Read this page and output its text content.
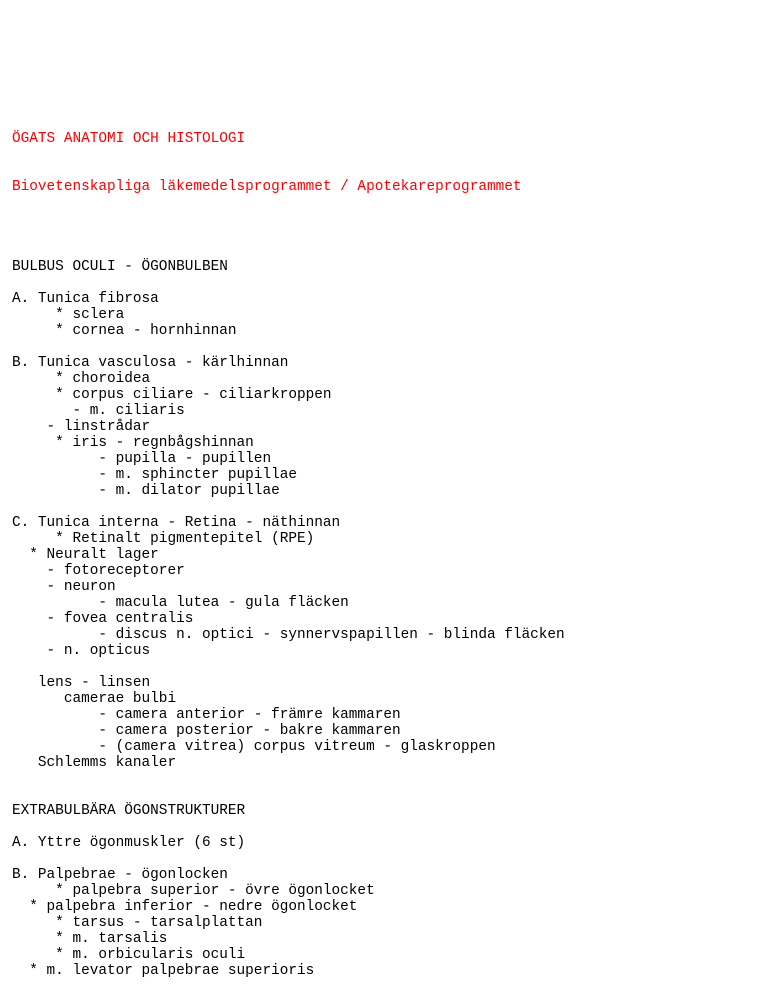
ÖGATS ANATOMI OCH HISTOLOGI

Biovetenskapliga läkemedelsprogrammet / Apotekareprogrammet

BULBUS OCULI - ÖGONBULBEN
A. Tunica fibrosa
* sclera
* cornea - hornhinnan
B. Tunica vasculosa - kärlhinnan
* choroidea
* corpus ciliare - ciliarkroppen
- m. ciliaris
- linstrådar
* iris - regnbågshinnan
- pupilla - pupillen
- m. sphincter pupillae
- m. dilator pupillae
C. Tunica interna - Retina - näthinnan
* Retinalt pigmentepitel (RPE)
* Neuralt lager
- fotoreceptorer
- neuron
- macula lutea - gula fläcken
- fovea centralis
- discus n. optici - synnervspapillen - blinda fläcken
- n. opticus
lens - linsen
camerae bulbi
- camera anterior - främre kammaren
- camera posterior - bakre kammaren
- (camera vitrea) corpus vitreum - glaskroppen
Schlemms kanaler
EXTRABULBÄRA ÖGONSTRUKTURER
A. Yttre ögonmuskler (6 st)
B. Palpebrae - ögonlocken
* palpebra superior - övre ögonlocket
* palpebra inferior - nedre ögonlocket
* tarsus - tarsalplattan
* m. tarsalis
* m. orbicularis oculi
* m. levator palpebrae superioris
